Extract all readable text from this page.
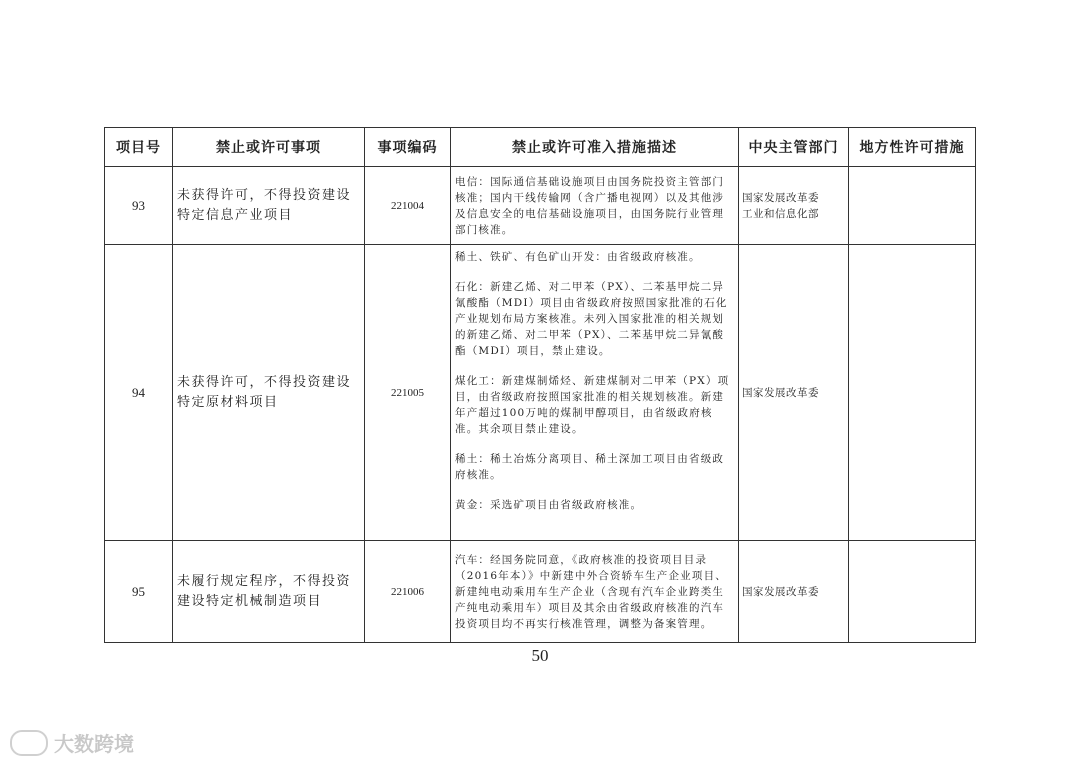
项目号	禁止或许可事项	事项编码	禁止或许可准入措施描述	中央主管部门	地方性许可措施
93	未获得许可，不得投资建设特定信息产业项目	221004	电信：国际通信基础设施项目由国务院投资主管部门核准；国内干线传输网（含广播电视网）以及其他涉及信息安全的电信基础设施项目，由国务院行业管理部门核准。	国家发展改革委
工业和信息化部	

94	未获得许可，不得投资建设特定原材料项目	221005	稀土、铁矿、有色矿山开发：由省级政府核准。

石化：新建乙烯、对二甲苯（PX）、二苯基甲烷二异氰酸酯（MDI）项目由省级政府按照国家批准的石化产业规划布局方案核准。未列入国家批准的相关规划的新建乙烯、对二甲苯（PX）、二苯基甲烷二异氰酸酯（MDI）项目，禁止建设。

煤化工：新建煤制烯烃、新建煤制对二甲苯（PX）项目，由省级政府按照国家批准的相关规划核准。新建年产超过100万吨的煤制甲醇项目，由省级政府核准。其余项目禁止建设。

稀土：稀土冶炼分离项目、稀土深加工项目由省级政府核准。

黄金：采选矿项目由省级政府核准。	国家发展改革委	

95	未履行规定程序，不得投资建设特定机械制造项目	221006	汽车：经国务院同意，《政府核准的投资项目目录（2016年本）》中新建中外合资轿车生产企业项目、新建纯电动乘用车生产企业（含现有汽车企业跨类生产纯电动乘用车）项目及其余由省级政府核准的汽车投资项目均不再实行核准管理，调整为备案管理。	国家发展改革委	

50
大数跨境
